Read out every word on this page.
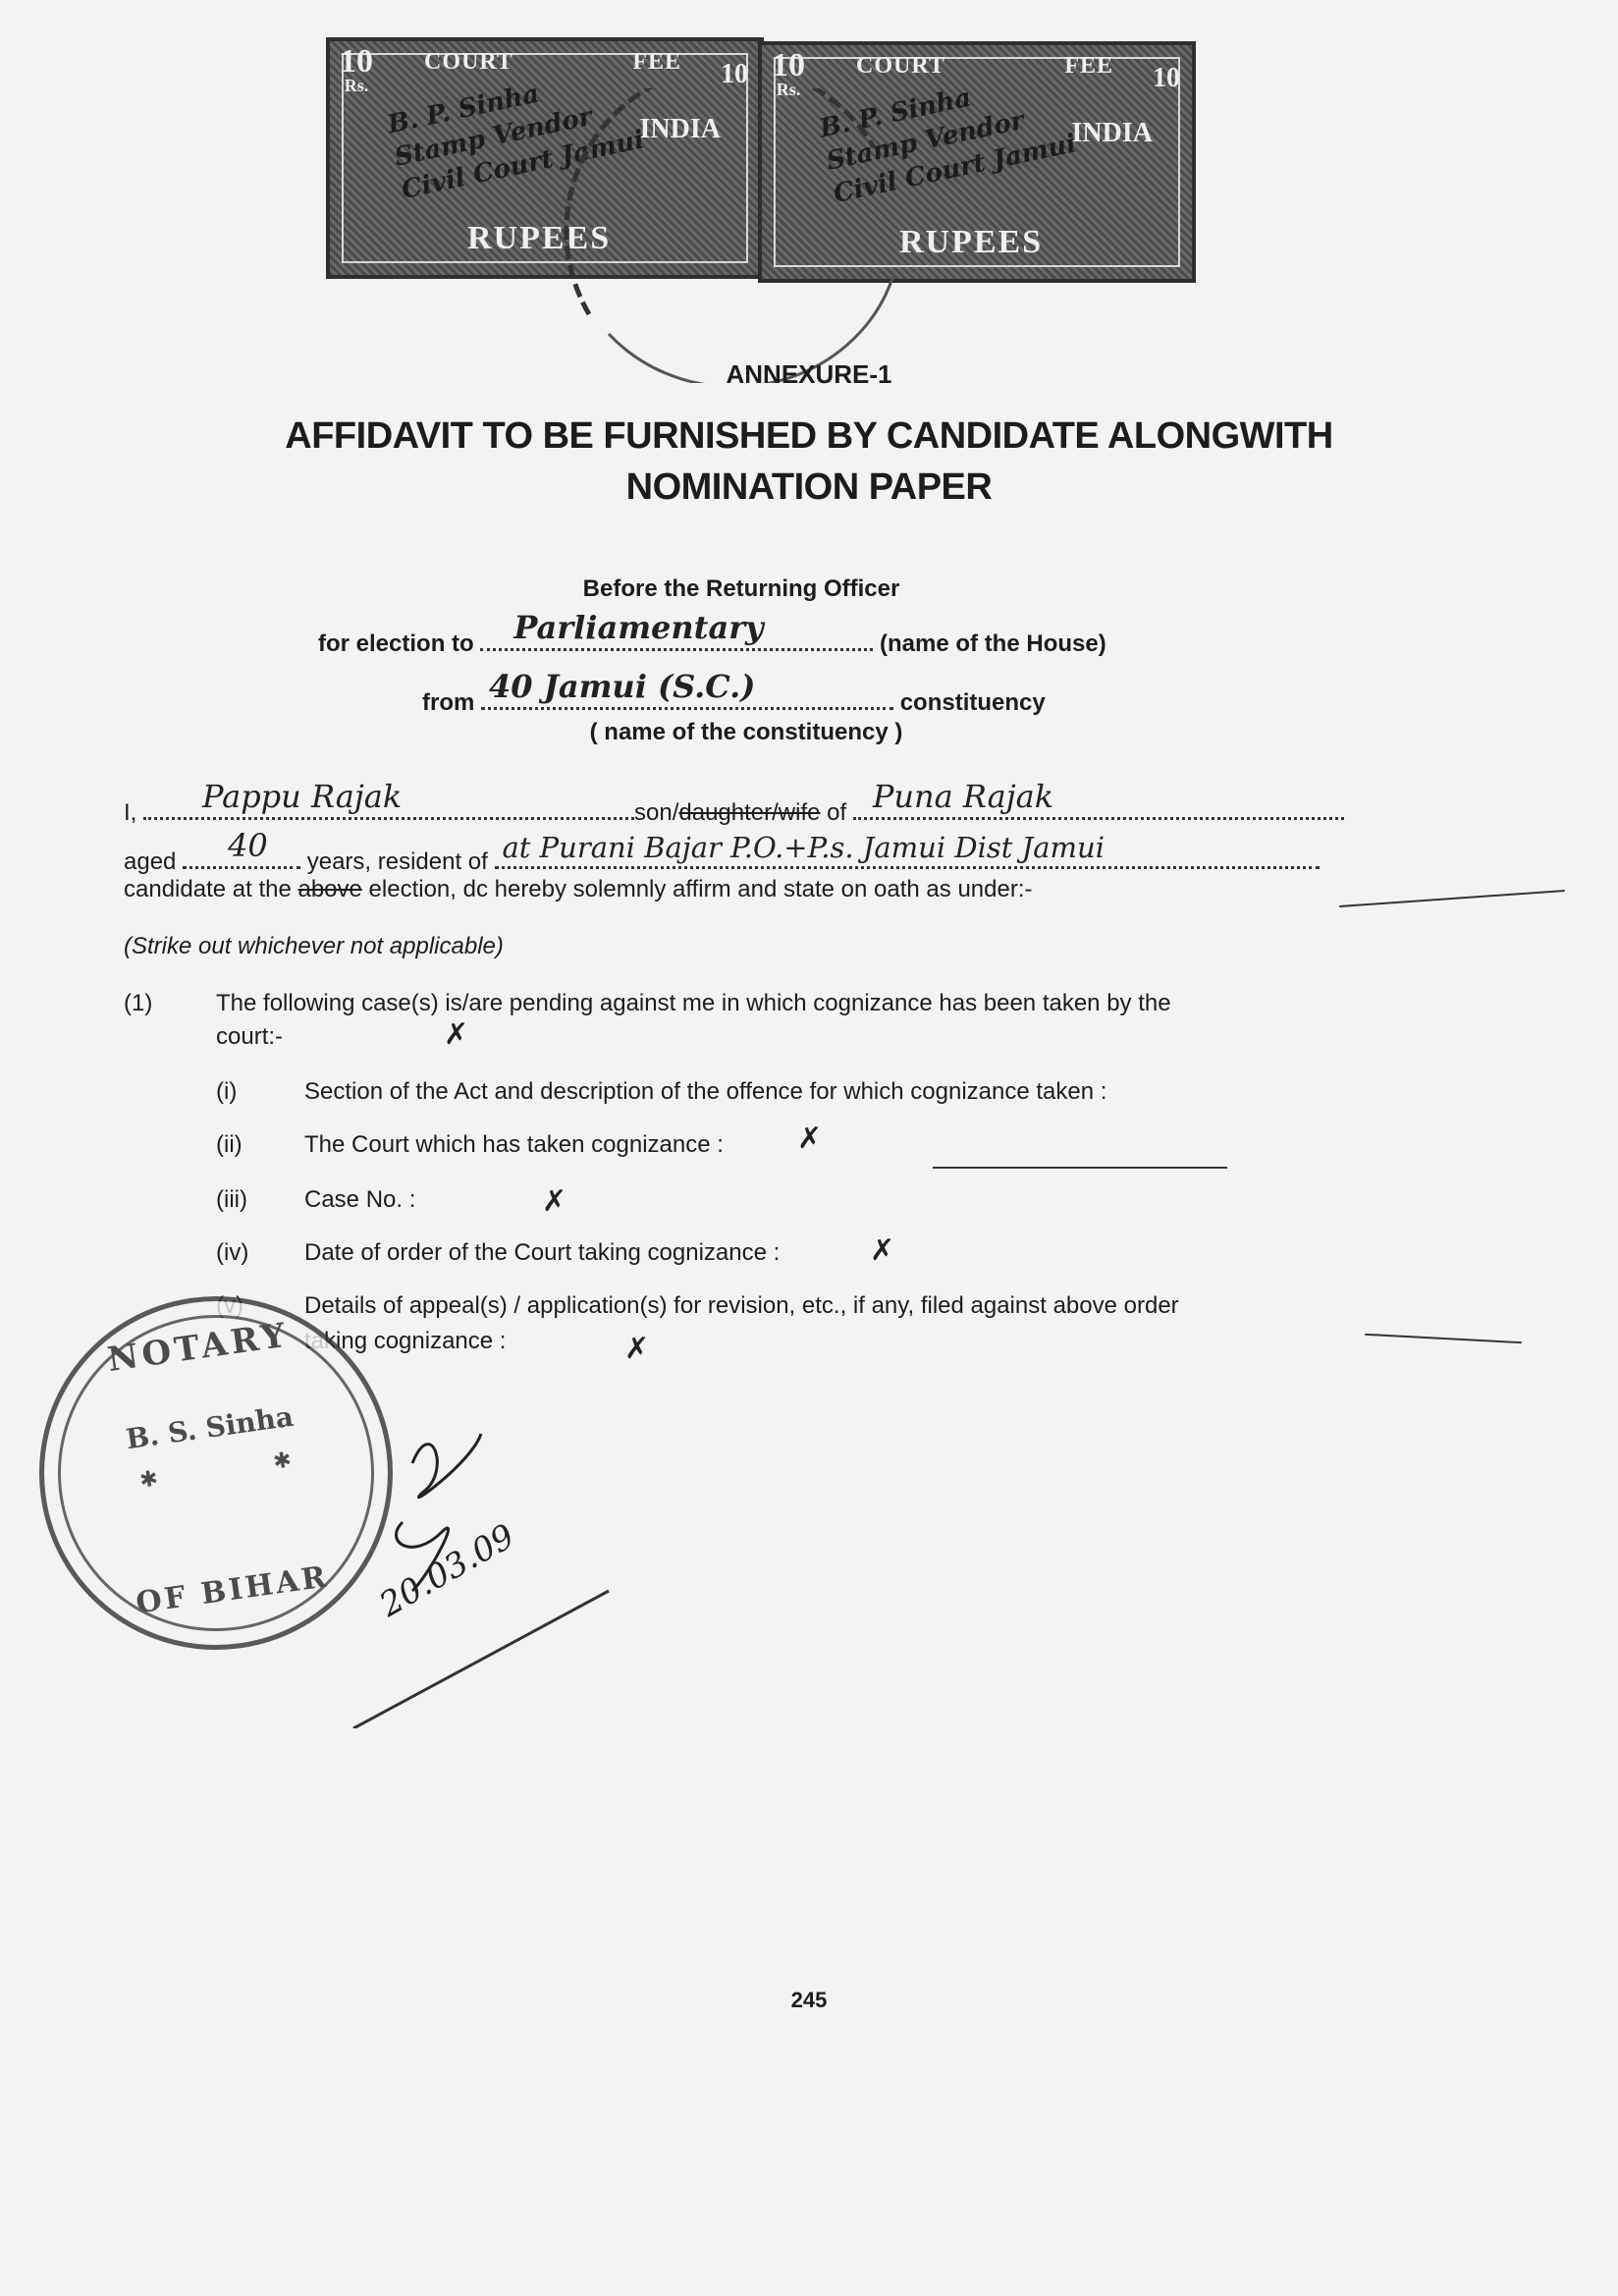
10
Rs.
COURT	FEE
INDIA
RUPEES
10
B. P. Sinha
Stamp Vendor
Civil Court Jamui
10
Rs.
COURT	FEE
INDIA
RUPEES
10
B. P. Sinha
Stamp Vendor
Civil Court Jamui
ANNEXURE-1
AFFIDAVIT TO BE FURNISHED BY CANDIDATE ALONGWITH
NOMINATION PAPER
Before the Returning Officer
for election to Parliamentary	(name of the House)
from 40 Jamui (S.C.)	constituency
( name of the constituency )
I, Pappu Rajak	son/daughter/wife of Puna Rajak
aged 40 years, resident of at Purani Bajar P.O.+P.s. Jamui Dist Jamui
candidate at the above election, dc hereby solemnly affirm and state on oath as under:-
(Strike out whichever not applicable)
(1)	The following case(s) is/are pending against me in which cognizance has been taken by the
court:-	✗
(i)	Section of the Act and description of the offence for which cognizance taken :
(ii)	The Court which has taken cognizance :	✗
(iii) Case No. :	✗
(iv) Date of order of the Court taking cognizance :	✗
(v)	Details of appeal(s) / application(s) for revision, etc., if any, filed against above order
taking cognizance :	✗
NOTARY
B. S. Sinha
✱                 ✱
OF BIHAR	20.03.09
245
